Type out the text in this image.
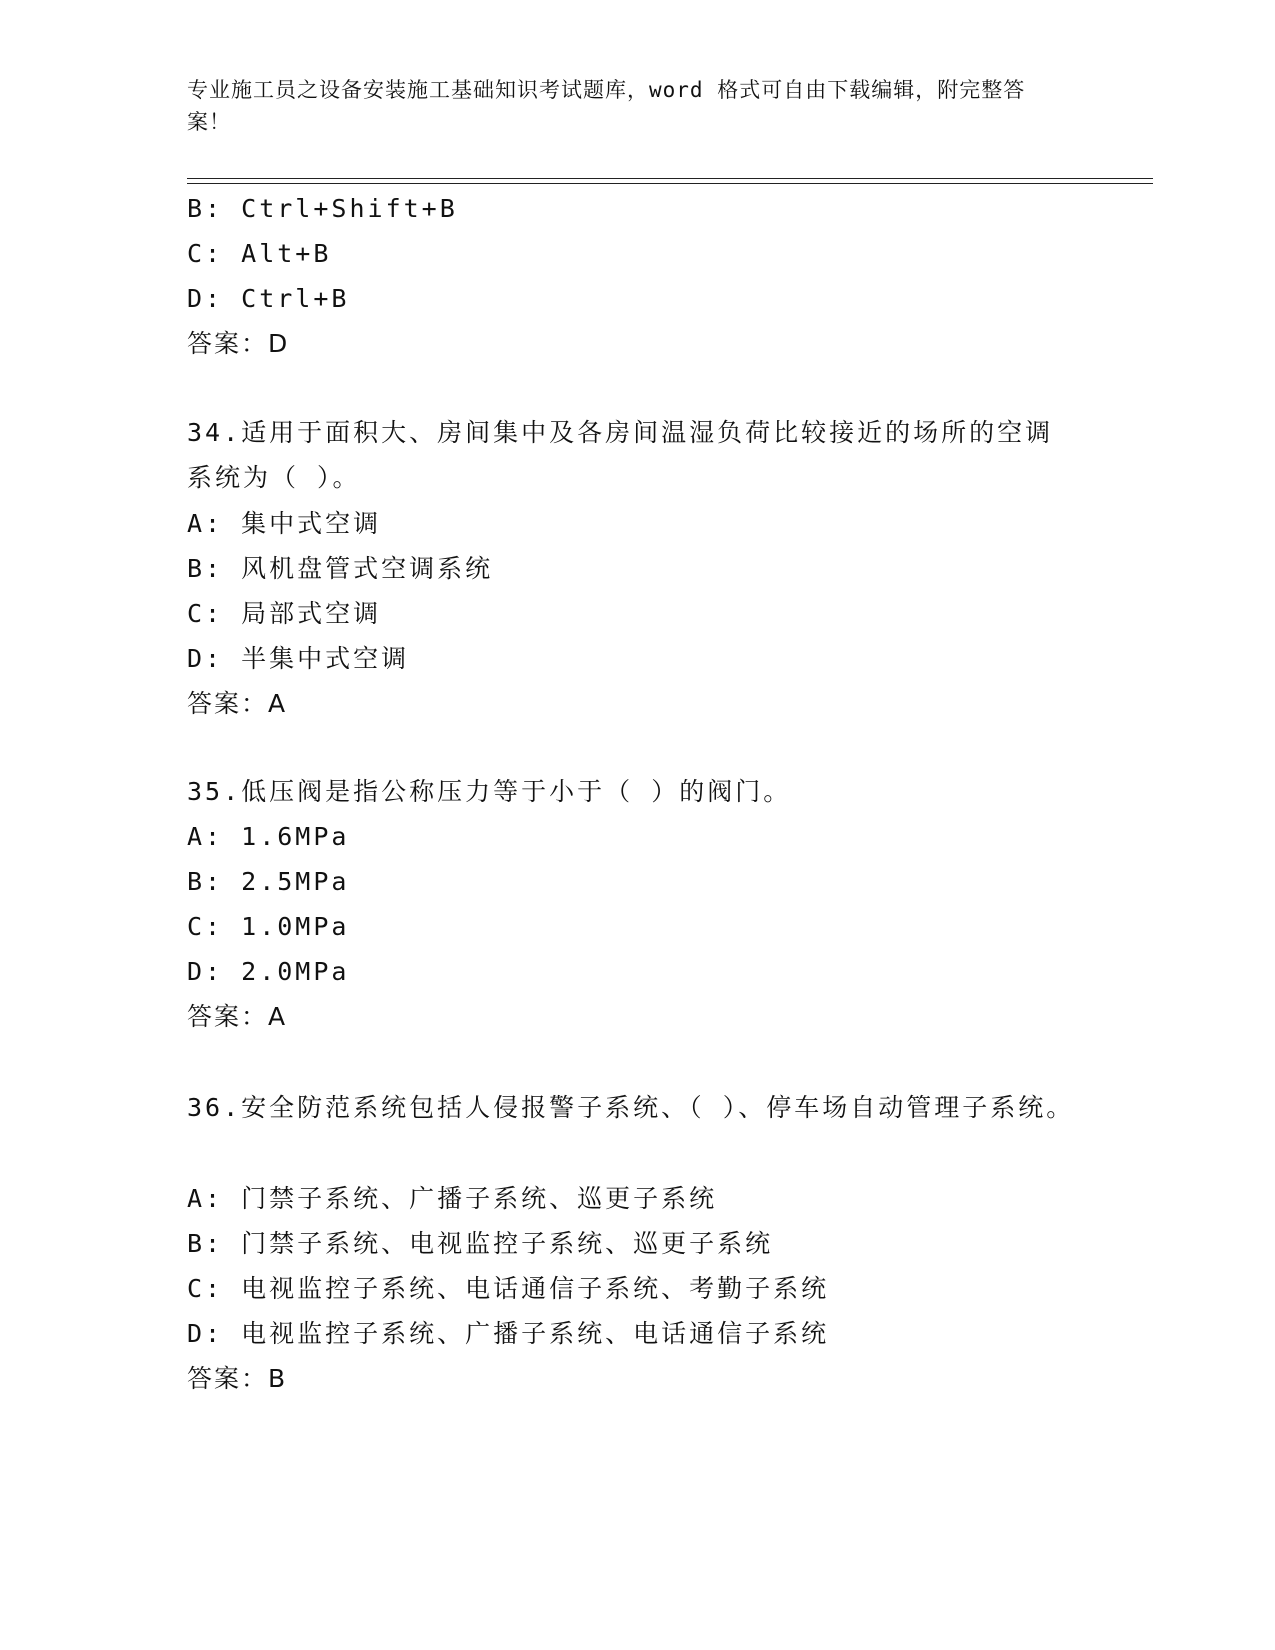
专业施工员之设备安装施工基础知识考试题库，word 格式可自由下载编辑，附完整答案！
B: Ctrl+Shift+B
C: Alt+B
D: Ctrl+B
答案：D
34.适用于面积大、房间集中及各房间温湿负荷比较接近的场所的空调系统为（ ）。
A: 集中式空调
B: 风机盘管式空调系统
C: 局部式空调
D: 半集中式空调
答案：A
35.低压阀是指公称压力等于小于（ ）的阀门。
A: 1.6MPa
B: 2.5MPa
C: 1.0MPa
D: 2.0MPa
答案：A
36.安全防范系统包括人侵报警子系统、（ ）、停车场自动管理子系统。
A: 门禁子系统、广播子系统、巡更子系统
B: 门禁子系统、电视监控子系统、巡更子系统
C: 电视监控子系统、电话通信子系统、考勤子系统
D: 电视监控子系统、广播子系统、电话通信子系统
答案：B
